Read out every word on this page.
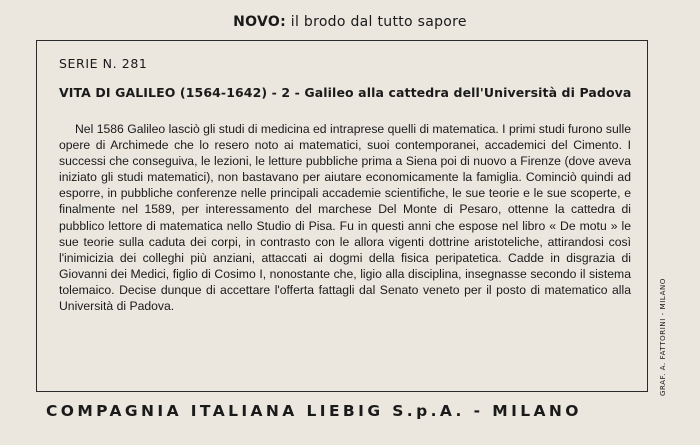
NOVO: il brodo dal tutto sapore
SERIE N. 281
VITA DI GALILEO (1564-1642) - 2 - Galileo alla cattedra dell'Università di Padova
Nel 1586 Galileo lasciò gli studi di medicina ed intraprese quelli di matematica. I primi studi furono sulle opere di Archimede che lo resero noto ai matematici, suoi contemporanei, accademici del Cimento. I successi che conseguiva, le lezioni, le letture pubbliche prima a Siena poi di nuovo a Firenze (dove aveva iniziato gli studi matematici), non bastavano per aiutare economicamente la famiglia. Cominciò quindi ad esporre, in pubbliche conferenze nelle principali accademie scientifiche, le sue teorie e le sue scoperte, e finalmente nel 1589, per interessamento del marchese Del Monte di Pesaro, ottenne la cattedra di pubblico lettore di matematica nello Studio di Pisa. Fu in questi anni che espose nel libro « De motu » le sue teorie sulla caduta dei corpi, in contrasto con le allora vigenti dottrine aristoteliche, attirandosi così l'inimicizia dei colleghi più anziani, attaccati ai dogmi della fisica peripatetica. Cadde in disgrazia di Giovanni dei Medici, figlio di Cosimo I, nonostante che, ligio alla disciplina, insegnasse secondo il sistema tolemaico. Decise dunque di accettare l'offerta fattagli dal Senato veneto per il posto di matematico alla Università di Padova.
COMPAGNIA ITALIANA LIEBIG S.p.A. - MILANO
GRAF. A. FATTORINI - MILANO
